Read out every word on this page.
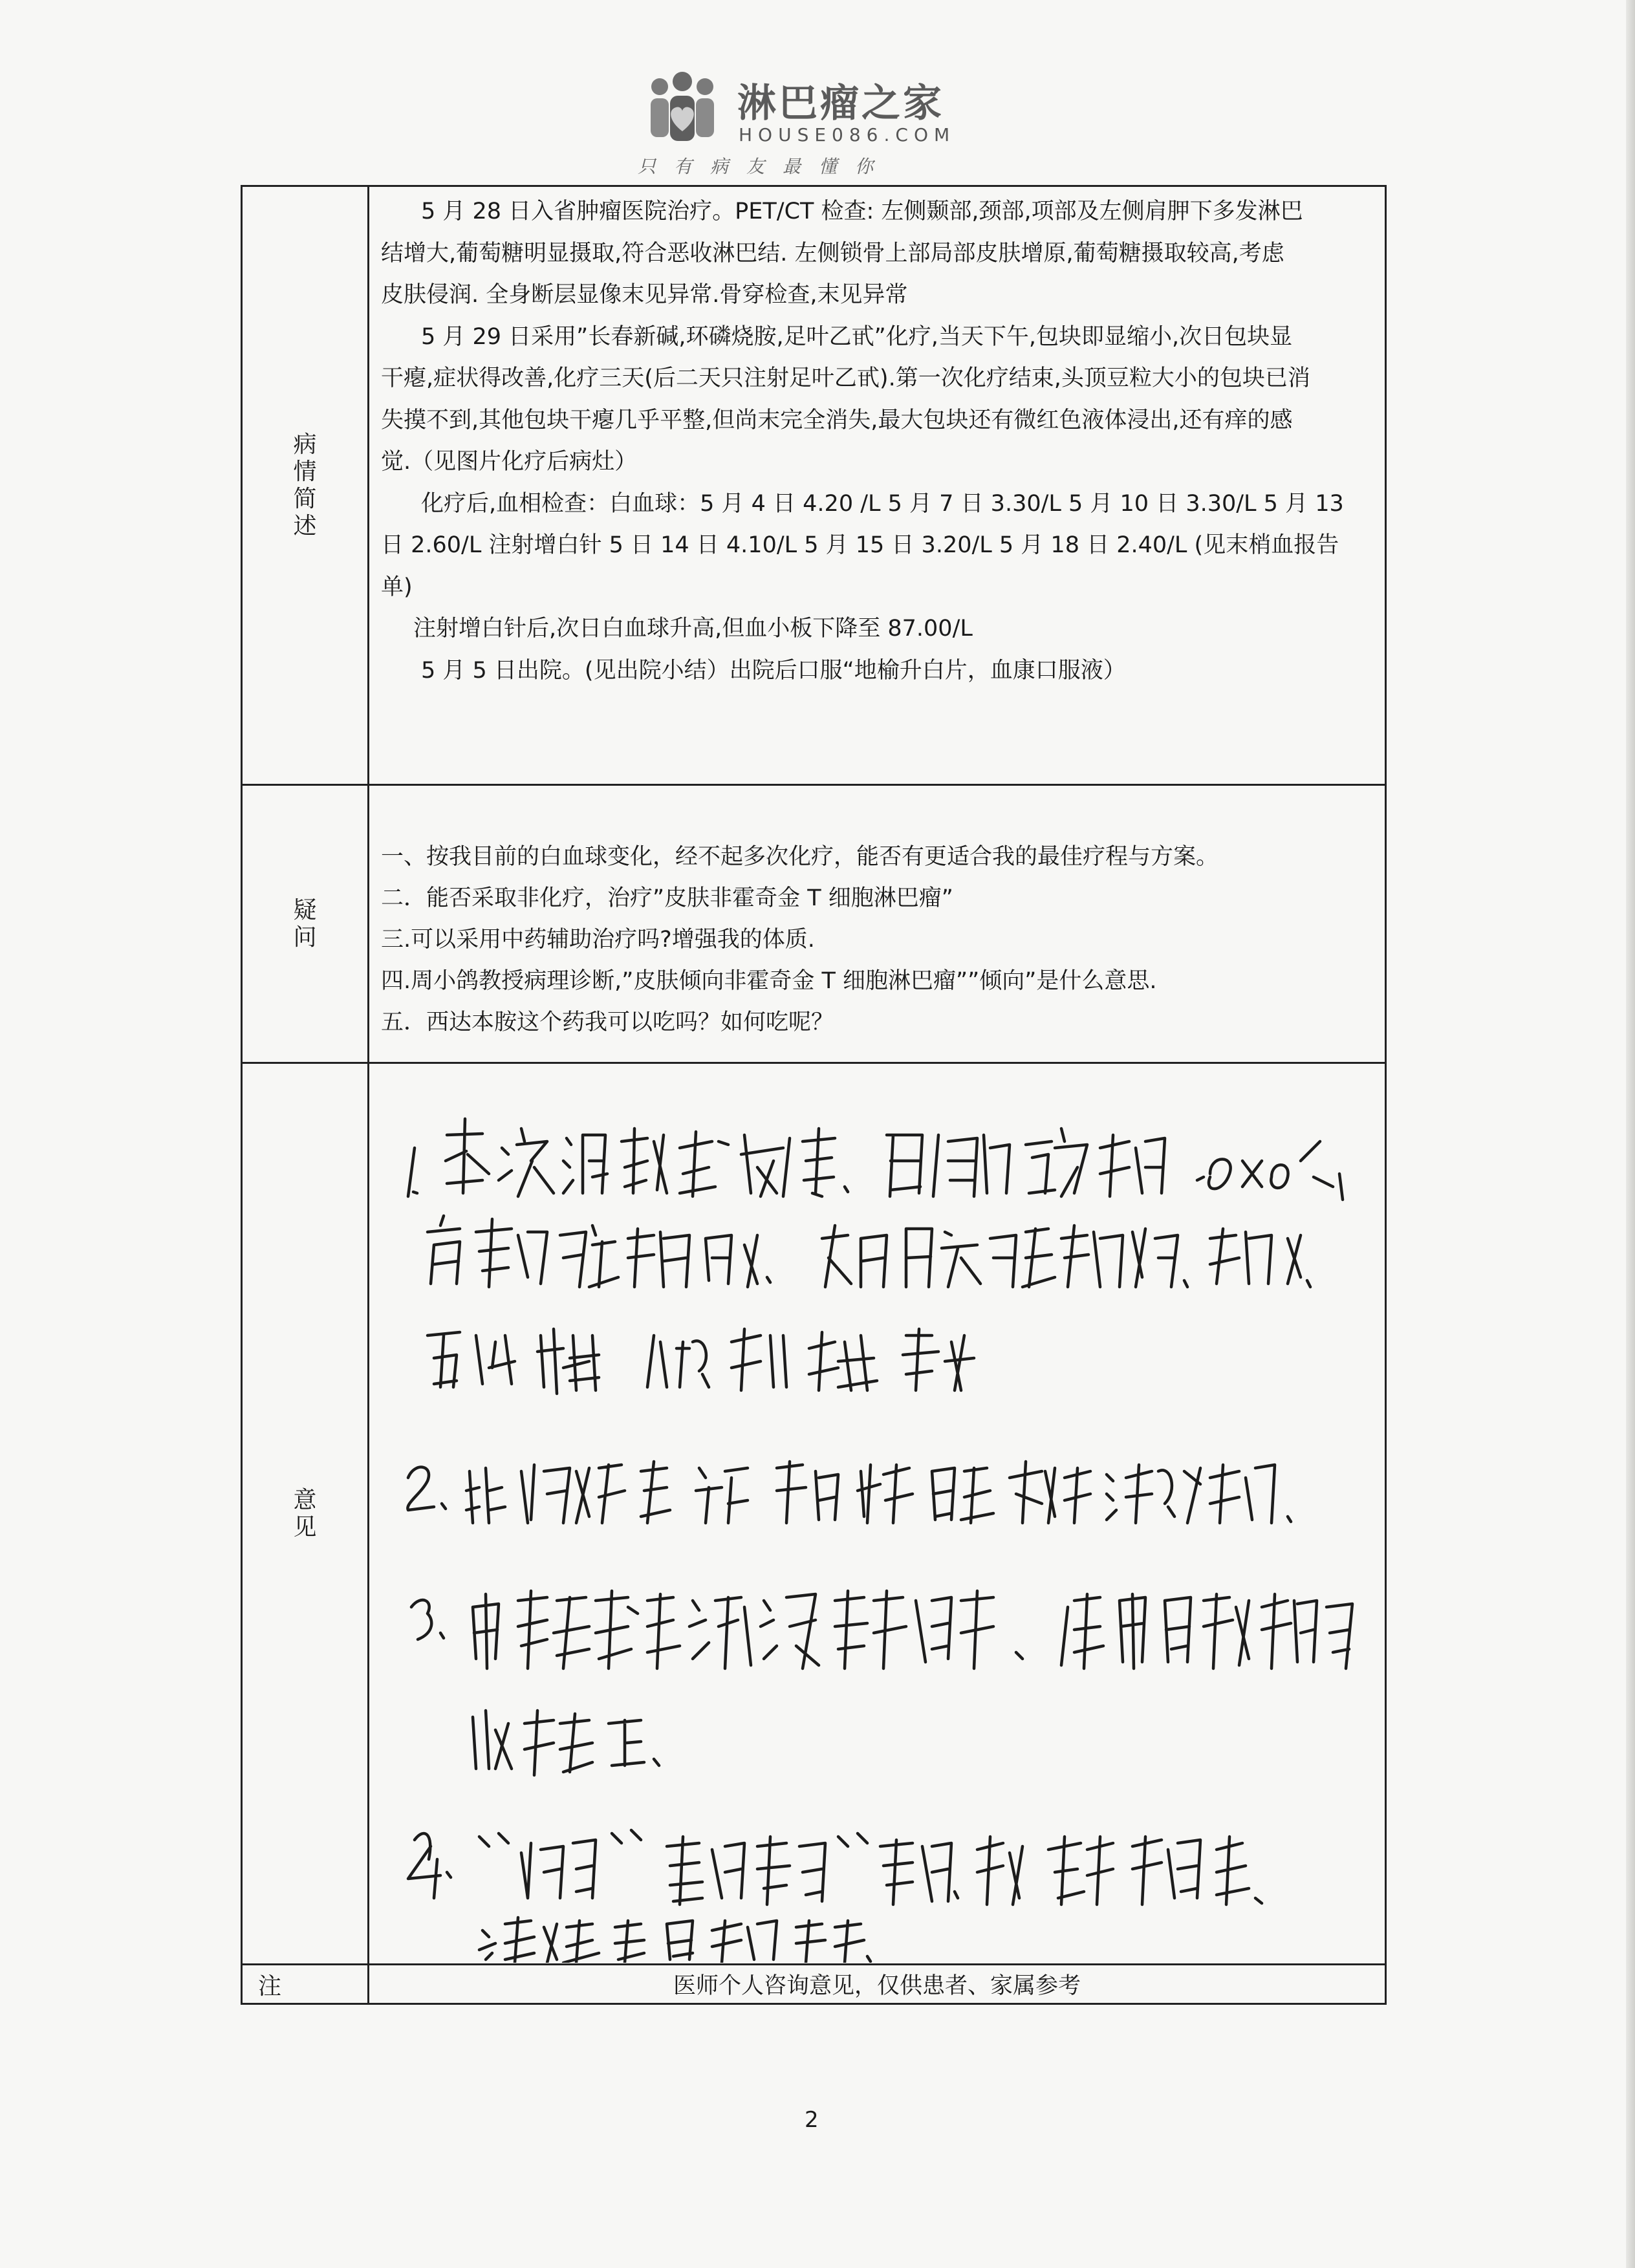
淋巴瘤之家
HOUSE086.COM
只有病友最懂你
病情简述

5 月 28 日入省肿瘤医院治疗。PET/CT 检查: 左侧颞部,颈部,项部及左侧肩胛下多发淋巴

结增大,葡萄糖明显摄取,符合恶收淋巴结. 左侧锁骨上部局部皮肤增原,葡萄糖摄取较高,考虑

皮肤侵润. 全身断层显像末见异常.骨穿检查,末见异常

5 月 29 日采用”长春新碱,环磷烧胺,足叶乙甙”化疗,当天下午,包块即显缩小,次日包块显

干瘪,症状得改善,化疗三天(后二天只注射足叶乙甙).第一次化疗结束,头顶豆粒大小的包块已消

失摸不到,其他包块干瘪几乎平整,但尚末完全消失,最大包块还有微红色液体浸出,还有痒的感

觉.（见图片化疗后病灶）

化疗后,血相检查：白血球：5 月 4 日 4.20 /L 5 月 7 日 3.30/L 5 月 10 日 3.30/L 5 月 13

日 2.60/L 注射增白针 5 日 14 日 4.10/L 5 月 15 日 3.20/L 5 月 18 日 2.40/L (见末梢血报告

单)

注射增白针后,次日白血球升高,但血小板下降至 87.00/L

5 月 5 日出院。(见出院小结）出院后口服“地榆升白片，血康口服液）

疑问

一、按我目前的白血球变化，经不起多次化疗，能否有更适合我的最佳疗程与方案。

二．能否采取非化疗，治疗”皮肤非霍奇金 T 细胞淋巴瘤”

三.可以采用中药辅助治疗吗?增强我的体质.

四.周小鸽教授病理诊断,”皮肤倾向非霍奇金 T 细胞淋巴瘤””倾向”是什么意思.

五．西达本胺这个药我可以吃吗？如何吃呢？

意见
注	医师个人咨询意见，仅供患者、家属参考
2
